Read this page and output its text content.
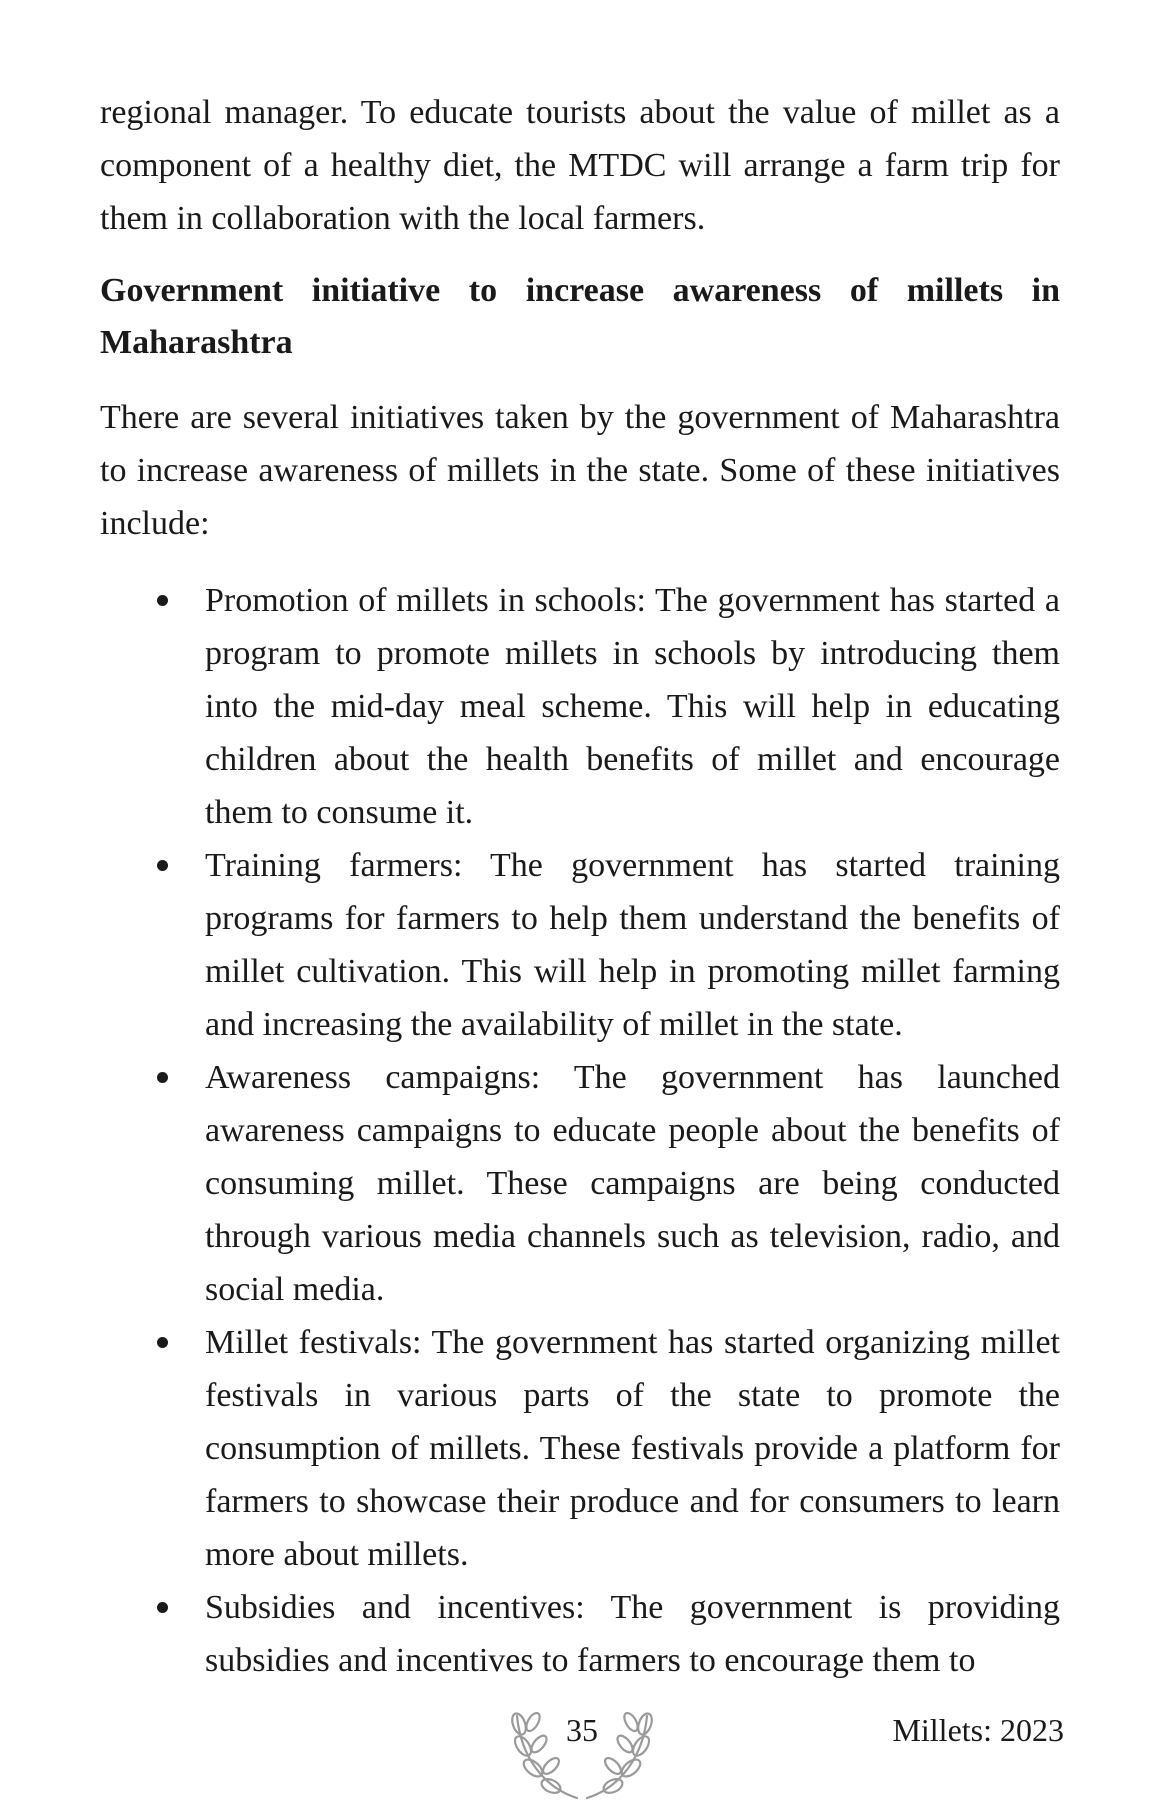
regional manager. To educate tourists about the value of millet as a component of a healthy diet, the MTDC will arrange a farm trip for them in collaboration with the local farmers.

Government initiative to increase awareness of millets in Maharashtra

There are several initiatives taken by the government of Maharashtra to increase awareness of millets in the state. Some of these initiatives include:

Promotion of millets in schools: The government has started a program to promote millets in schools by introducing them into the mid-day meal scheme. This will help in educating children about the health benefits of millet and encourage them to consume it.
Training farmers: The government has started training programs for farmers to help them understand the benefits of millet cultivation. This will help in promoting millet farming and increasing the availability of millet in the state.
Awareness campaigns: The government has launched awareness campaigns to educate people about the benefits of consuming millet. These campaigns are being conducted through various media channels such as television, radio, and social media.
Millet festivals: The government has started organizing millet festivals in various parts of the state to promote the consumption of millets. These festivals provide a platform for farmers to showcase their produce and for consumers to learn more about millets.
Subsidies and incentives: The government is providing subsidies and incentives to farmers to encourage them to
35	Millets: 2023
